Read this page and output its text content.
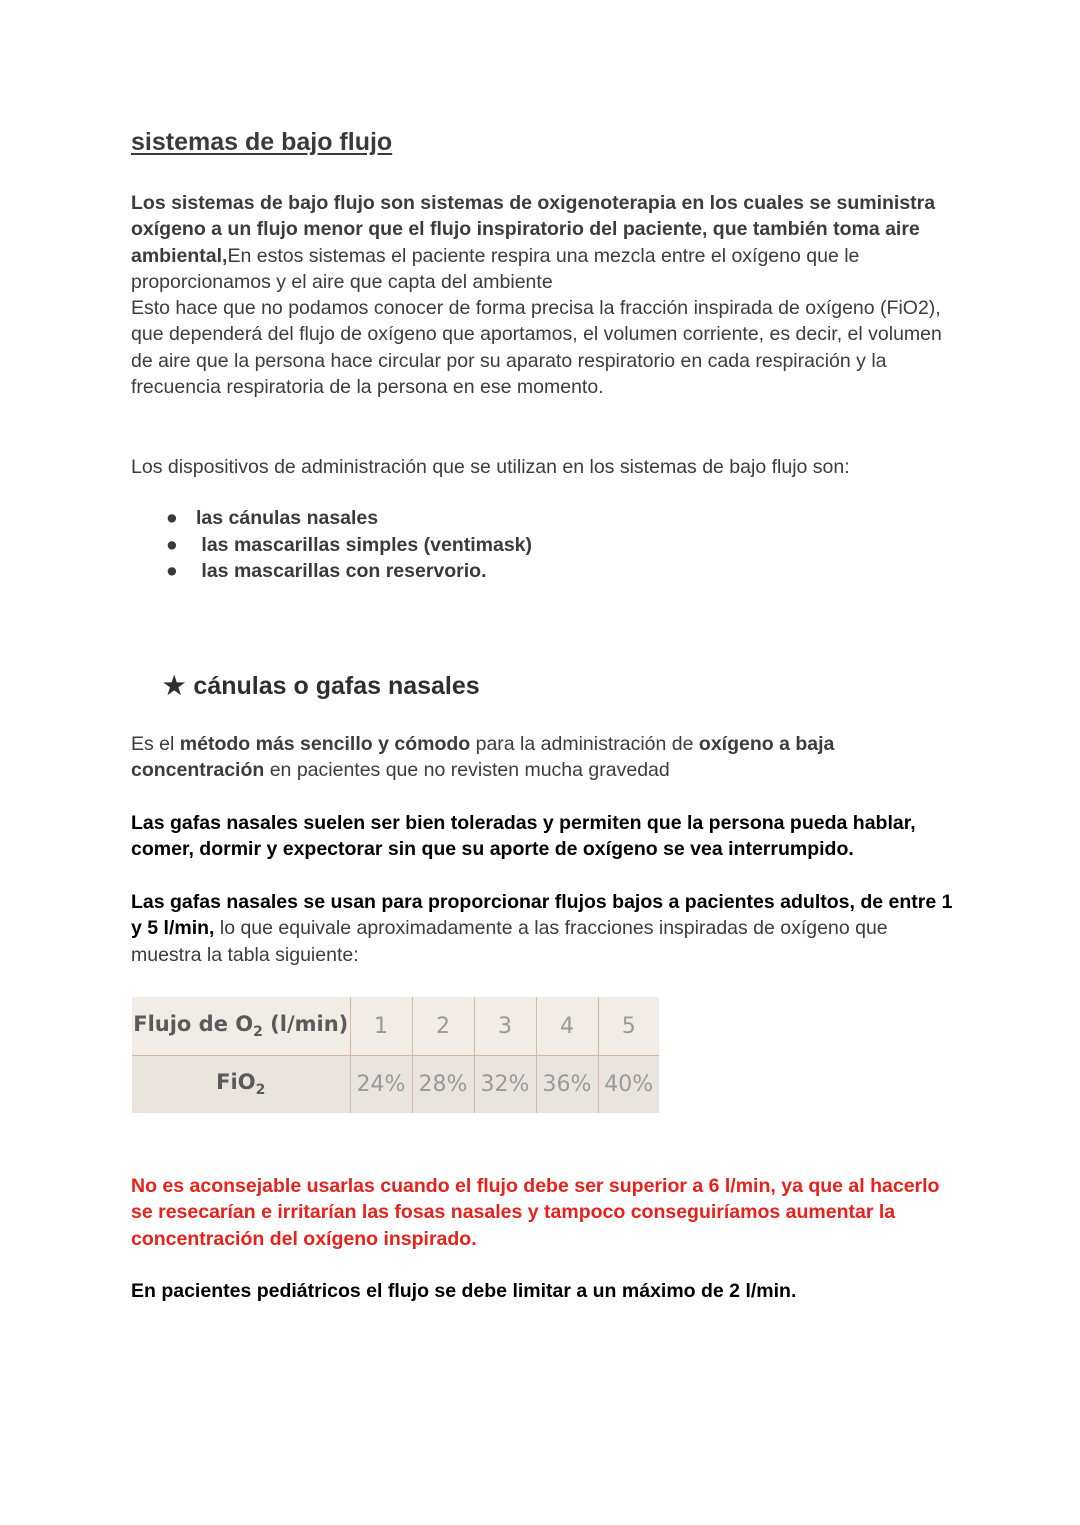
sistemas de bajo flujo
Los sistemas de bajo flujo son sistemas de oxigenoterapia en los cuales se suministra oxígeno a un flujo menor que el flujo inspiratorio del paciente, que también toma aire ambiental,En estos sistemas el paciente respira una mezcla entre el oxígeno que le proporcionamos y el aire que capta del ambiente
Esto hace que no podamos conocer de forma precisa la fracción inspirada de oxígeno (FiO2), que dependerá del flujo de oxígeno que aportamos, el volumen corriente, es decir, el volumen de aire que la persona hace circular por su aparato respiratorio en cada respiración y la frecuencia respiratoria de la persona en ese momento.
Los dispositivos de administración que se utilizan en los sistemas de bajo flujo son:
● las cánulas nasales
● las mascarillas simples (ventimask)
● las mascarillas con reservorio.
★ cánulas o gafas nasales
Es el método más sencillo y cómodo para la administración de oxígeno a baja concentración en pacientes que no revisten mucha gravedad
Las gafas nasales suelen ser bien toleradas y permiten que la persona pueda hablar, comer, dormir y expectorar sin que su aporte de oxígeno se vea interrumpido.
Las gafas nasales se usan para proporcionar flujos bajos a pacientes adultos, de entre 1 y 5 l/min, lo que equivale aproximadamente a las fracciones inspiradas de oxígeno que muestra la tabla siguiente:
Flujo de $O_2$ (l/min)	1	2	3	4	5
FiO$_2$	24%	28%	32%	36%	40%
No es aconsejable usarlas cuando el flujo debe ser superior a 6 l/min, ya que al hacerlo se resecarían e irritarían las fosas nasales y tampoco conseguiríamos aumentar la concentración del oxígeno inspirado.
En pacientes pediátricos el flujo se debe limitar a un máximo de 2 l/min.
